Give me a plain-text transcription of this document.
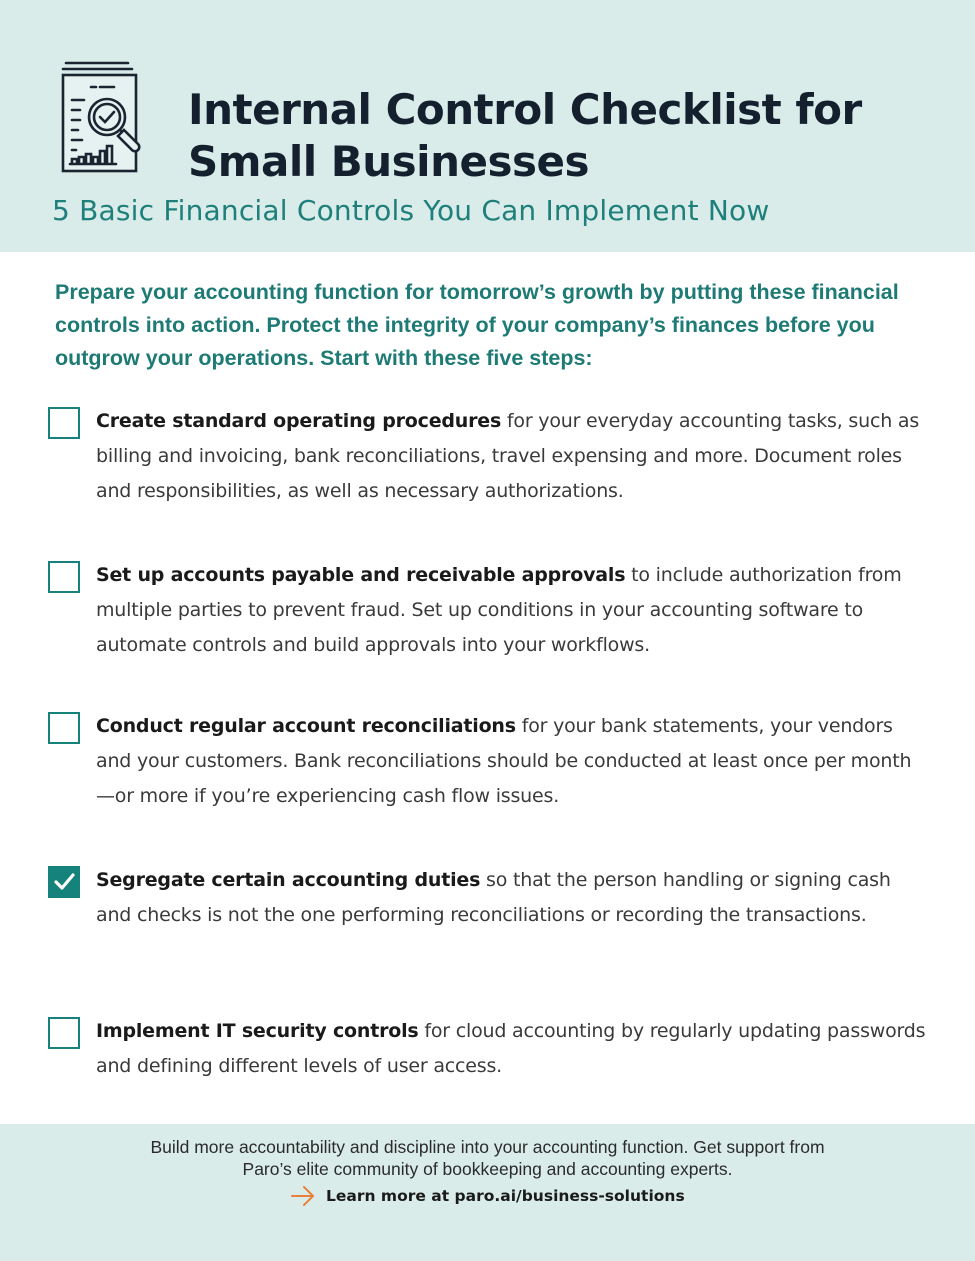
Internal Control Checklist for
Small Businesses
5 Basic Financial Controls You Can Implement Now

Prepare your accounting function for tomorrow’s growth by putting these financial controls into action. Protect the integrity of your company’s finances before you outgrow your operations. Start with these five steps:

Create standard operating procedures for your everyday accounting tasks, such as billing and invoicing, bank reconciliations, travel expensing and more. Document roles and responsibilities, as well as necessary authorizations.

Set up accounts payable and receivable approvals to include authorization from multiple parties to prevent fraud. Set up conditions in your accounting software to automate controls and build approvals into your workflows.

Conduct regular account reconciliations for your bank statements, your vendors and your customers. Bank reconciliations should be conducted at least once per month—or more if you’re experiencing cash flow issues.

Segregate certain accounting duties so that the person handling or signing cash and checks is not the one performing reconciliations or recording the transactions.

Implement IT security controls for cloud accounting by regularly updating passwords and defining different levels of user access.

Build more accountability and discipline into your accounting function. Get support from
Paro’s elite community of bookkeeping and accounting experts.

Learn more at paro.ai/business-solutions
